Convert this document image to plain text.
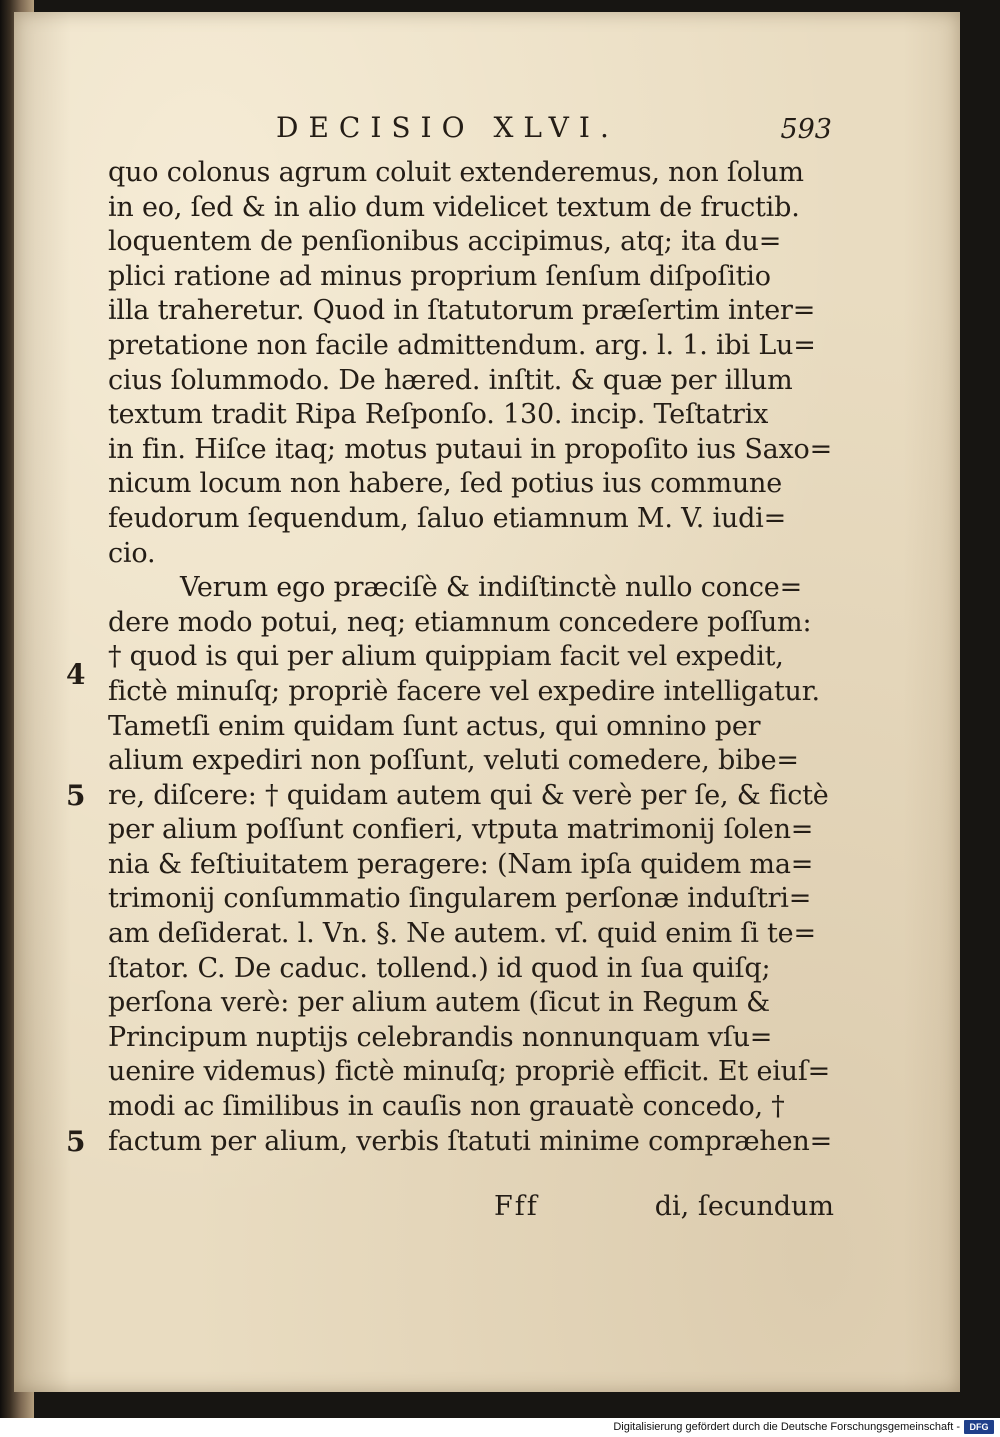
DECISIO XLVI.	593
4
5
5
quo colonus agrum coluit extenderemus, non ſolum
in eo, ſed & in alio dum videlicet textum de fructib.
loquentem de penſionibus accipimus, atq; ita du=
plici ratione ad minus proprium ſenſum diſpoſitio
illa traheretur. Quod in ſtatutorum præſertim inter=
pretatione non facile admittendum. arg. l. 1. ibi Lu=
cius ſolummodo. De hæred. inſtit. & quæ per illum
textum tradit Ripa Reſponſo. 130. incip. Teſtatrix
in fin. Hiſce itaq; motus putaui in propoſito ius Saxo=
nicum locum non habere, ſed potius ius commune
feudorum ſequendum, ſaluo etiamnum M. V. iudi=
cio.
Verum ego præciſè & indiſtinctè nullo conce=
dere modo potui, neq; etiamnum concedere poſſum:
† quod is qui per alium quippiam facit vel expedit,
fictè minuſq; propriè facere vel expedire intelligatur.
Tametſi enim quidam ſunt actus, qui omnino per
alium expediri non poſſunt, veluti comedere, bibe=
re, diſcere: † quidam autem qui & verè per ſe, & fictè
per alium poſſunt confieri, vtputa matrimonij ſolen=
nia & feſtiuitatem peragere: (Nam ipſa quidem ma=
trimonij conſummatio ſingularem perſonæ induſtri=
am deſiderat. l. Vn. §. Ne autem. vſ. quid enim ſi te=
ſtator. C. De caduc. tollend.) id quod in ſua quiſq;
perſona verè: per alium autem (ſicut in Regum &
Principum nuptijs celebrandis nonnunquam vſu=
uenire videmus) fictè minuſq; propriè efficit. Et eiuſ=
modi ac ſimilibus in cauſis non grauatè concedo, †
factum per alium, verbis ſtatuti minime compræhen=
Fff	di, ſecundum
Digitalisierung gefördert durch die Deutsche Forschungsgemeinschaft -	DFG
